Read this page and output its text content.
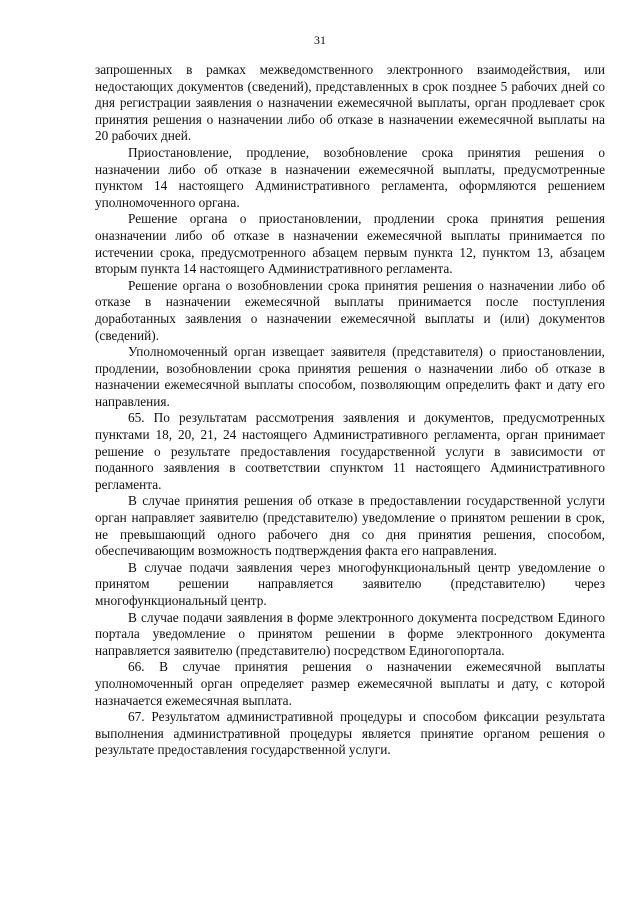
31

запрошенных в рамках межведомственного электронного взаимодействия, или недостающих документов (сведений), представленных в срок позднее 5 рабочих дней со дня регистрации заявления о назначении ежемесячной выплаты, орган продлевает срок принятия решения о назначении либо об отказе в назначении ежемесячной выплаты на 20 рабочих дней.

Приостановление, продление, возобновление срока принятия решения о назначении либо об отказе в назначении ежемесячной выплаты, предусмотренные пунктом 14 настоящего Административного регламента, оформляются решением уполномоченного органа.

Решение органа о приостановлении, продлении срока принятия решения оназначении либо об отказе в назначении ежемесячной выплаты принимается по истечении срока, предусмотренного абзацем первым пункта 12, пунктом 13, абзацем вторым пункта 14 настоящего Административного регламента.

Решение органа о возобновлении срока принятия решения о назначении либо об отказе в назначении ежемесячной выплаты принимается после поступления доработанных заявления о назначении ежемесячной выплаты и (или) документов (сведений).

Уполномоченный орган извещает заявителя (представителя) о приостановлении, продлении, возобновлении срока принятия решения о назначении либо об отказе в назначении ежемесячной выплаты способом, позволяющим определить факт и дату его направления.

65. По результатам рассмотрения заявления и документов, предусмотренных пунктами 18, 20, 21, 24 настоящего Административного регламента, орган принимает решение о результате предоставления государственной услуги в зависимости от поданного заявления в соответствии спунктом 11 настоящего Административного регламента.

В случае принятия решения об отказе в предоставлении государственной услуги орган направляет заявителю (представителю) уведомление о принятом решении в срок, не превышающий одного рабочего дня со дня принятия решения, способом, обеспечивающим возможность подтверждения факта его направления.

В случае подачи заявления через многофункциональный центр уведомление о принятом решении направляется заявителю (представителю) через многофункциональный центр.

В случае подачи заявления в форме электронного документа посредством Единого портала уведомление о принятом решении в форме электронного документа направляется заявителю (представителю) посредством Единогопортала.

66. В случае принятия решения о назначении ежемесячной выплаты уполномоченный орган определяет размер ежемесячной выплаты и дату, с которой назначается ежемесячная выплата.

67. Результатом административной процедуры и способом фиксации результата выполнения административной процедуры является принятие органом решения о результате предоставления государственной услуги.
